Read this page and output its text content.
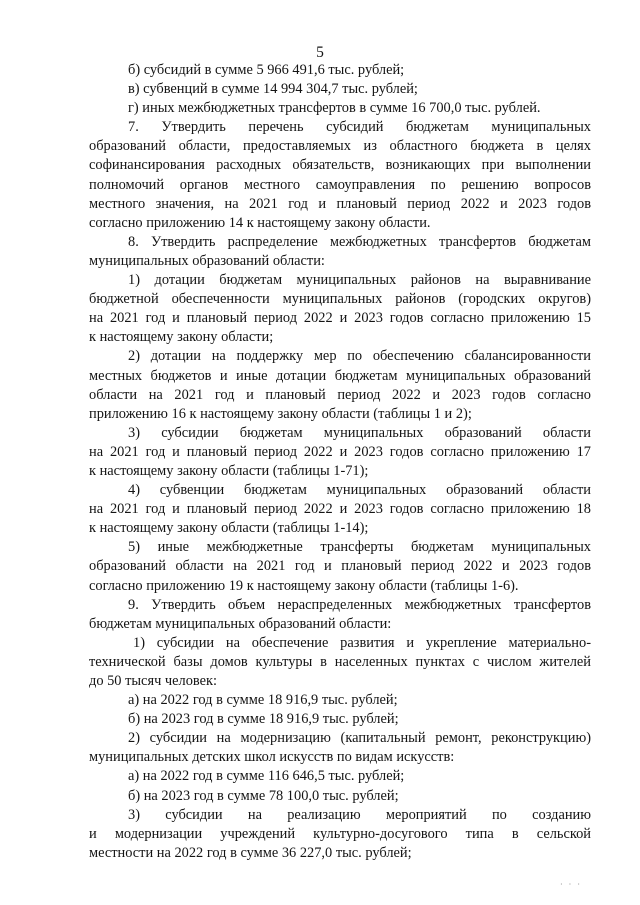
5
б) субсидий в сумме 5 966 491,6 тыс. рублей;
в) субвенций в сумме 14 994 304,7 тыс. рублей;
г) иных межбюджетных трансфертов в сумме 16 700,0 тыс. рублей.
7. Утвердить перечень субсидий бюджетам муниципальных
образований области, предоставляемых из областного бюджета в целях
софинансирования расходных обязательств, возникающих при выполнении
полномочий органов местного самоуправления по решению вопросов
местного значения, на 2021 год и плановый период 2022 и 2023 годов
согласно приложению 14 к настоящему закону области.
8. Утвердить распределение межбюджетных трансфертов бюджетам
муниципальных образований области:
1) дотации бюджетам муниципальных районов на выравнивание
бюджетной обеспеченности муниципальных районов (городских округов)
на 2021 год и плановый период 2022 и 2023 годов согласно приложению 15
к настоящему закону области;
2) дотации на поддержку мер по обеспечению сбалансированности
местных бюджетов и иные дотации бюджетам муниципальных образований
области на 2021 год и плановый период 2022 и 2023 годов согласно
приложению 16 к настоящему закону области (таблицы 1 и 2);
3) субсидии бюджетам муниципальных образований области
на 2021 год и плановый период 2022 и 2023 годов согласно приложению 17
к настоящему закону области (таблицы 1-71);
4) субвенции бюджетам муниципальных образований области
на 2021 год и плановый период 2022 и 2023 годов согласно приложению 18
к настоящему закону области (таблицы 1-14);
5) иные межбюджетные трансферты бюджетам муниципальных
образований области на 2021 год и плановый период 2022 и 2023 годов
согласно приложению 19 к настоящему закону области (таблицы 1-6).
9. Утвердить объем нераспределенных межбюджетных трансфертов
бюджетам муниципальных образований области:
1) субсидии на обеспечение развития и укрепление материально-
технической базы домов культуры в населенных пунктах с числом жителей
до 50 тысяч человек:
а) на 2022 год в сумме 18 916,9 тыс. рублей;
б) на 2023 год в сумме 18 916,9 тыс. рублей;
2) субсидии на модернизацию (капитальный ремонт, реконструкцию)
муниципальных детских школ искусств по видам искусств:
а) на 2022 год в сумме 116 646,5 тыс. рублей;
б) на 2023 год в сумме 78 100,0 тыс. рублей;
3) субсидии на реализацию мероприятий по созданию
и модернизации учреждений культурно-досугового типа в сельской
местности на 2022 год в сумме 36 227,0 тыс. рублей;
· · ·
